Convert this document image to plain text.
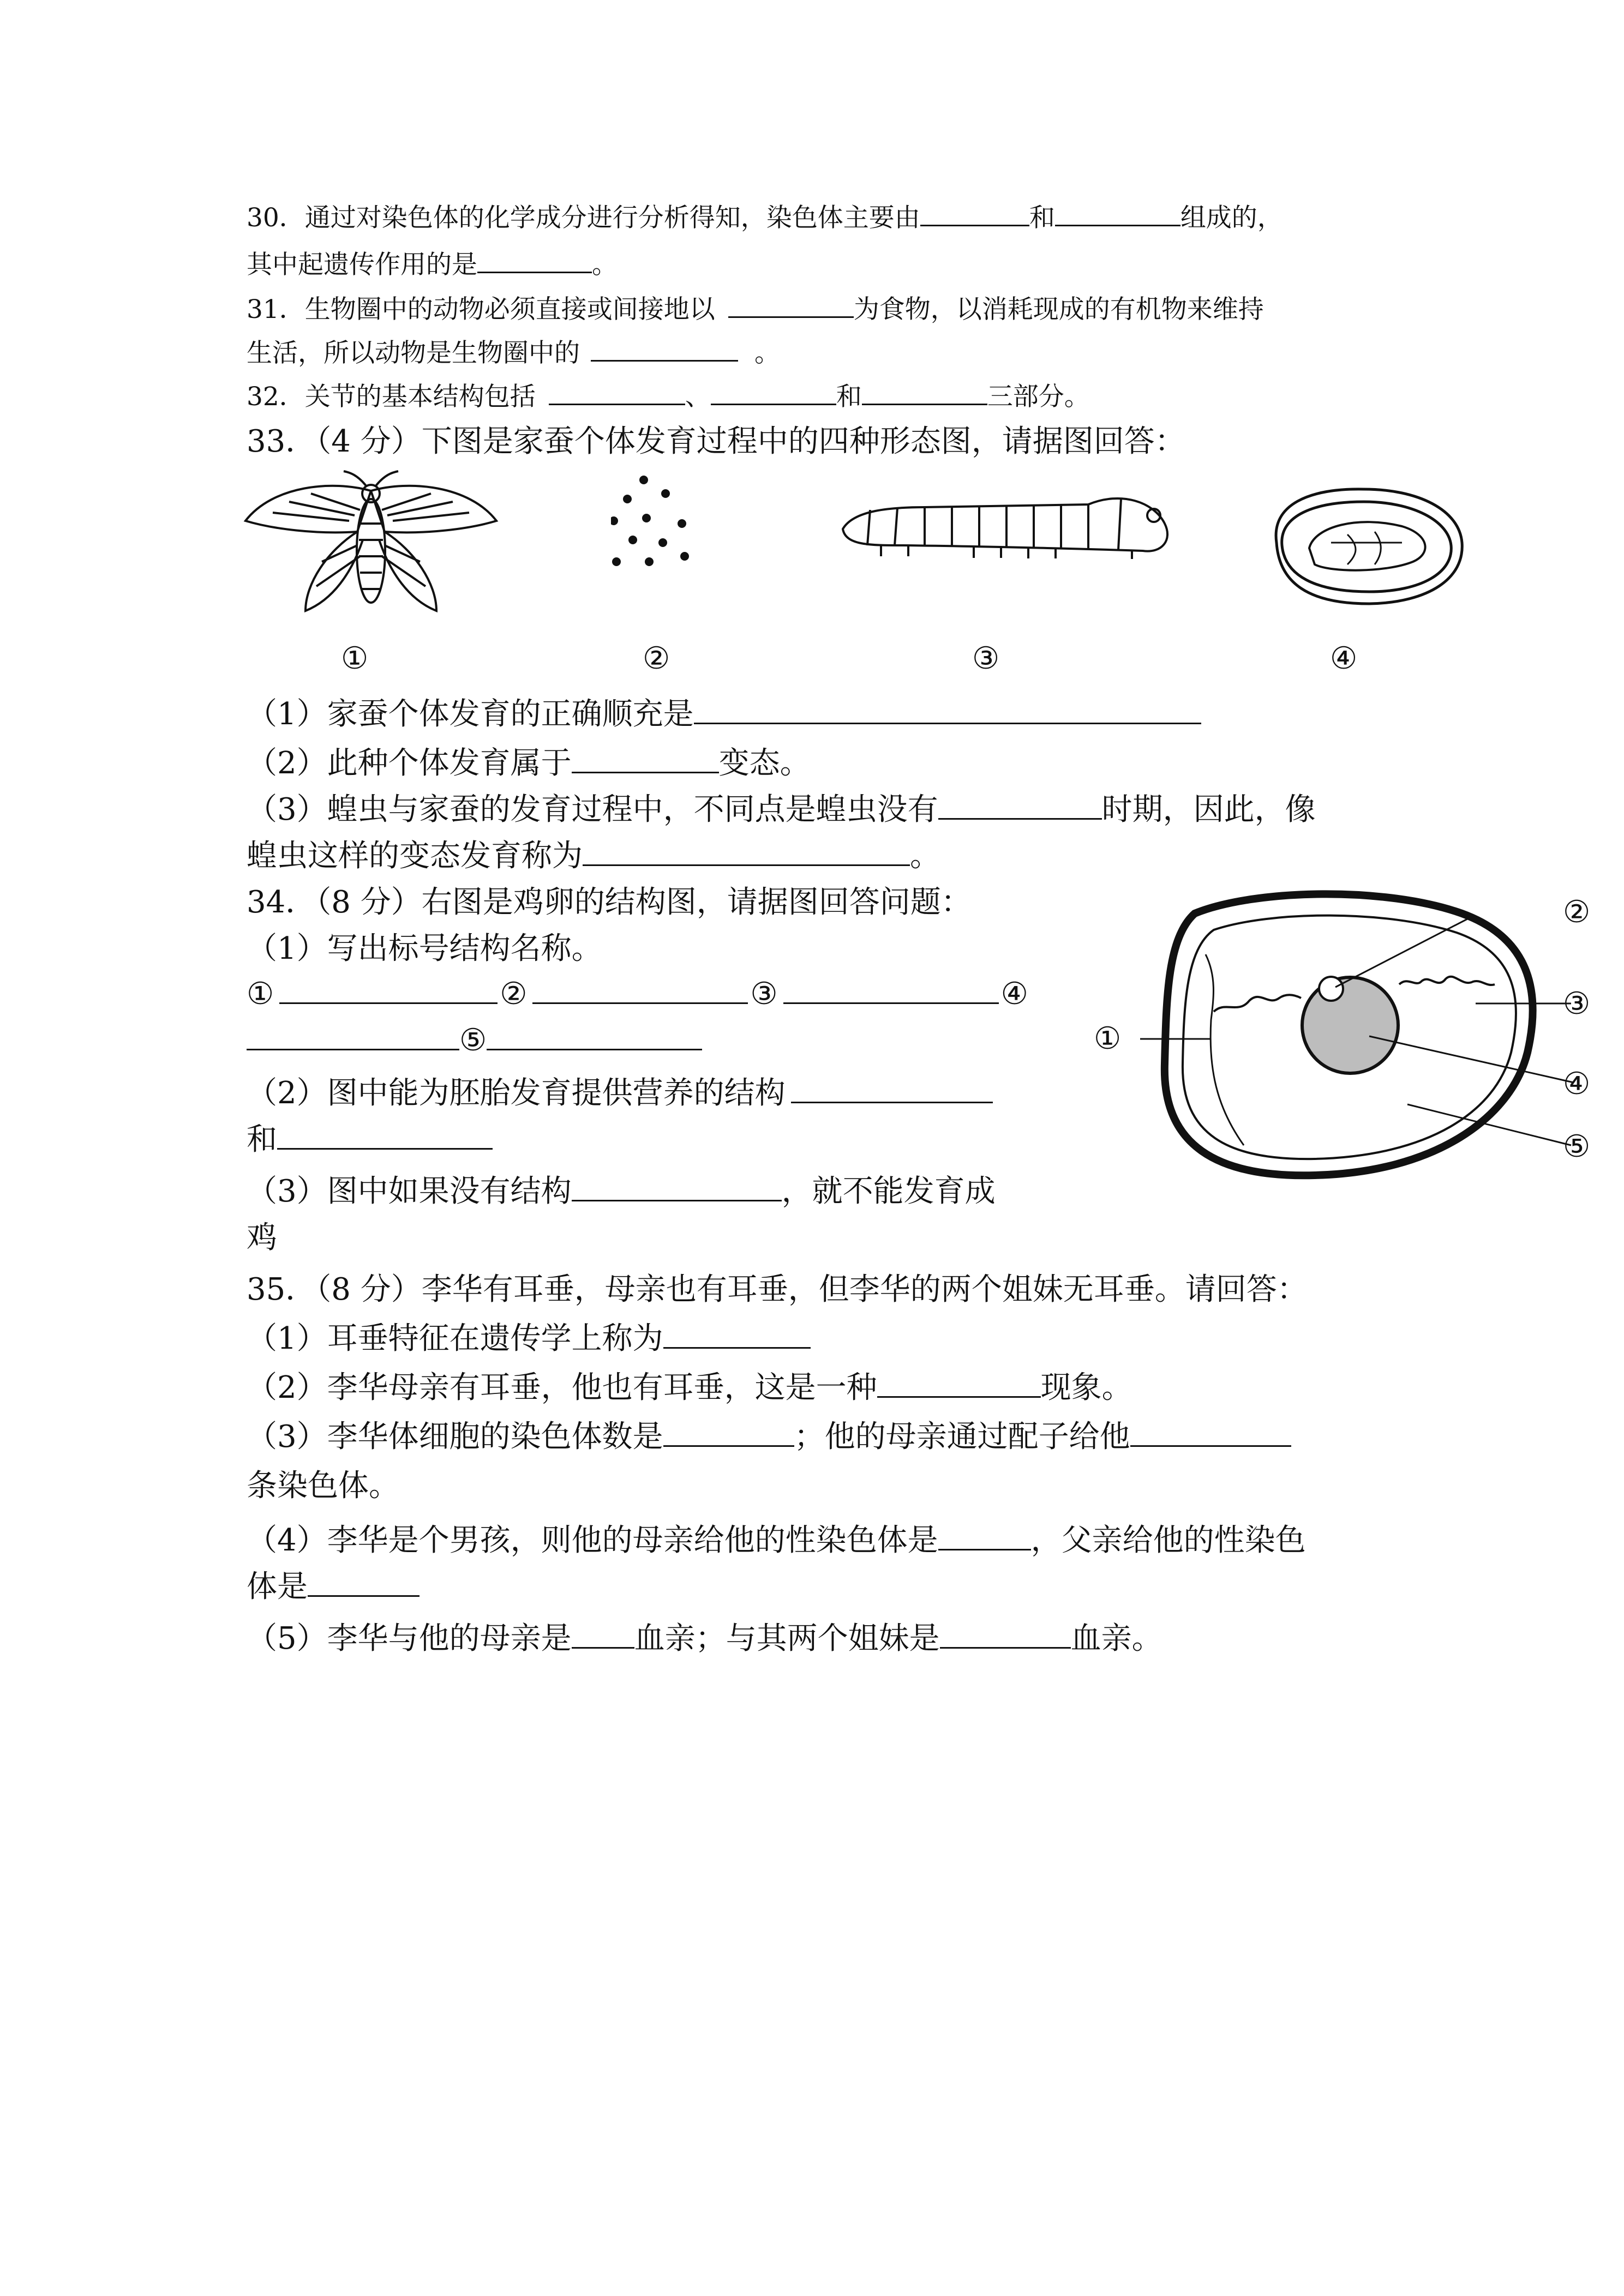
30．通过对染色体的化学成分进行分析得知，染色体主要由	和	组成的，
其中起遗传作用的是	。
31．生物圈中的动物必须直接或间接地以	为食物，以消耗现成的有机物来维持
生活，所以动物是生物圈中的	。
32．关节的基本结构包括	、	和	三部分。
33．（4 分）下图是家蚕个体发育过程中的四种形态图，请据图回答：
①	②	③	④
（1）家蚕个体发育的正确顺充是
（2）此种个体发育属于	变态。
（3）蝗虫与家蚕的发育过程中，不同点是蝗虫没有	时期，因此，像
蝗虫这样的变态发育称为	。
34．（8 分）右图是鸡卵的结构图，请据图回答问题：
（1）写出标号结构名称。
①	②	③	④
⑤
（2）图中能为胚胎发育提供营养的结构
和
（3）图中如果没有结构	，就不能发育成
鸡
②
③
④
⑤
①
35．（8 分）李华有耳垂，母亲也有耳垂，但李华的两个姐妹无耳垂。请回答：
（1）耳垂特征在遗传学上称为
（2）李华母亲有耳垂，他也有耳垂，这是一种	现象。
（3）李华体细胞的染色体数是	；他的母亲通过配子给他
条染色体。
（4）李华是个男孩，则他的母亲给他的性染色体是	，父亲给他的性染色
体是
（5）李华与他的母亲是 血亲；与其两个姐妹是	血亲。
